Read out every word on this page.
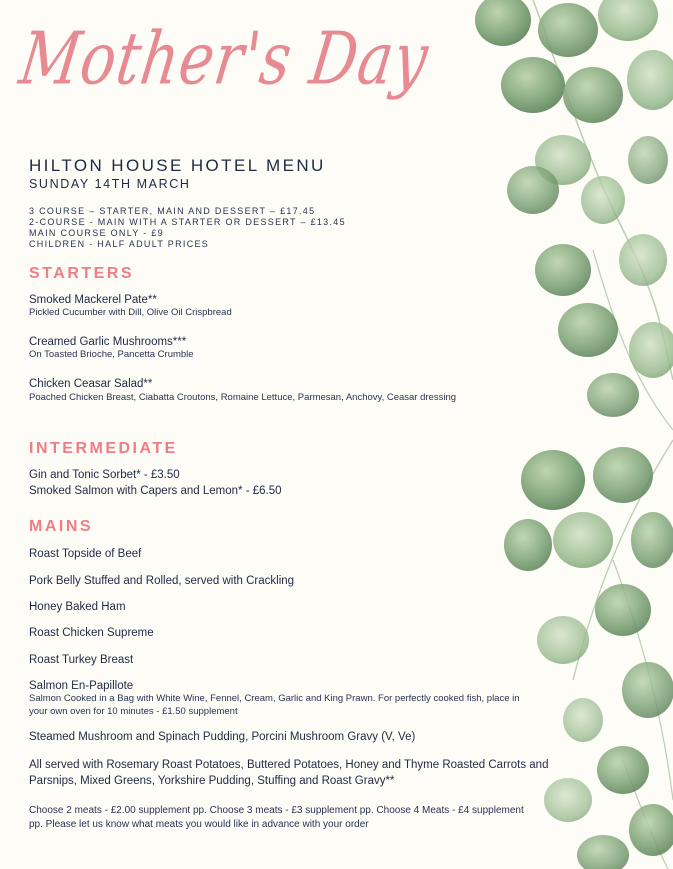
Mother's Day
HILTON HOUSE HOTEL MENU
SUNDAY 14TH MARCH
3 COURSE – STARTER, MAIN AND DESSERT – £17.45
2-COURSE - MAIN WITH A STARTER OR DESSERT – £13.45
MAIN COURSE ONLY - £9
CHILDREN - HALF ADULT PRICES
STARTERS
Smoked Mackerel Pate**
Pickled Cucumber with Dill, Olive Oil Crispbread
Creamed Garlic Mushrooms***
On Toasted Brioche, Pancetta Crumble
Chicken Ceasar Salad**
Poached Chicken Breast, Ciabatta Croutons, Romaine Lettuce, Parmesan, Anchovy, Ceasar dressing
INTERMEDIATE
Gin and Tonic Sorbet* - £3.50
Smoked Salmon with Capers and Lemon* - £6.50
MAINS
Roast Topside of Beef
Pork Belly Stuffed and Rolled, served with Crackling
Honey Baked Ham
Roast Chicken Supreme
Roast Turkey Breast
Salmon En-Papillote
Salmon Cooked in a Bag with White Wine, Fennel, Cream, Garlic and King Prawn. For perfectly cooked fish, place in your own oven for 10 minutes - £1.50 supplement
Steamed Mushroom and Spinach Pudding, Porcini Mushroom Gravy (V, Ve)
All served with Rosemary Roast Potatoes, Buttered Potatoes, Honey and Thyme Roasted Carrots and Parsnips, Mixed Greens, Yorkshire Pudding, Stuffing and Roast Gravy**
Choose 2 meats - £2.00 supplement pp. Choose 3 meats - £3 supplement pp. Choose 4 Meats - £4 supplement pp. Please let us know what meats you would like in advance with your order
